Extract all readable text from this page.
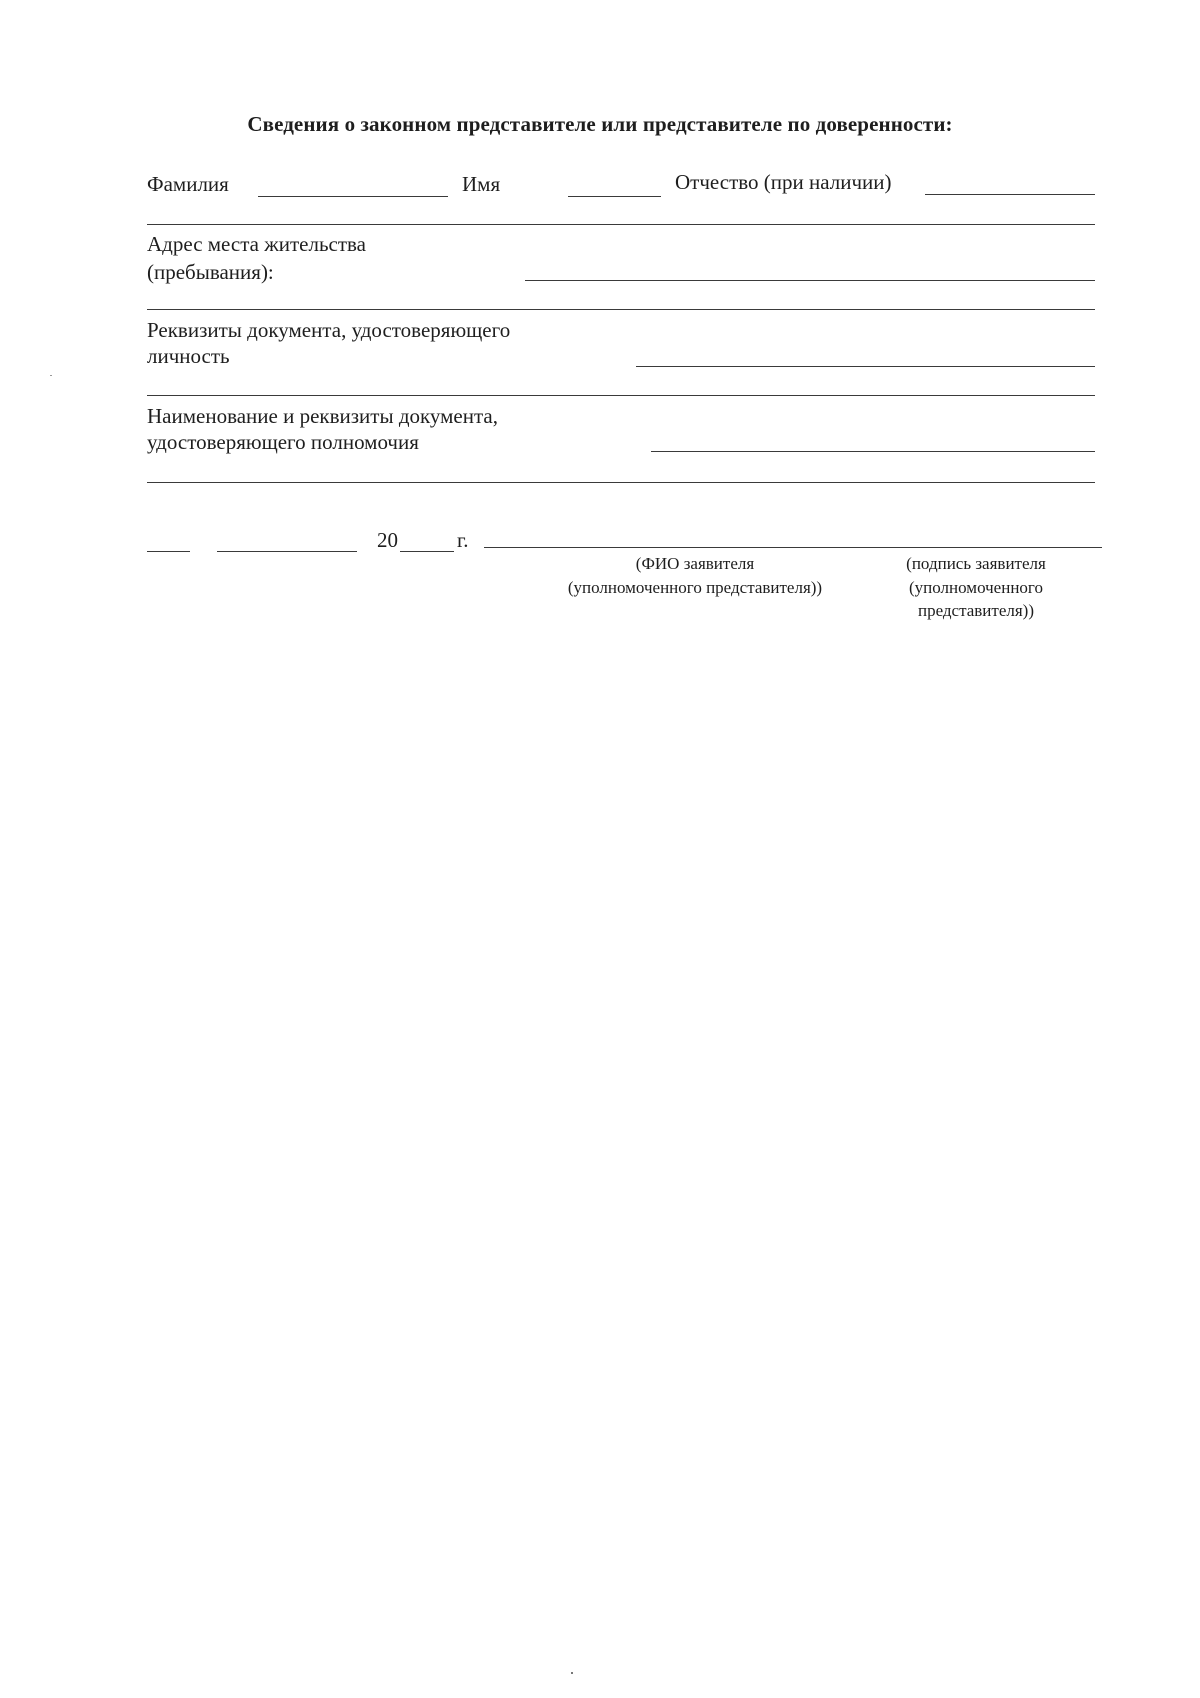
Сведения о законном представителе или представителе по доверенности:
Фамилия	Имя	Отчество (при наличии)
Адрес места жительства
(пребывания):
Реквизиты документа, удостоверяющего
личность
Наименование и реквизиты документа,
удостоверяющего полномочия
20	г.
(ФИО заявителя
(уполномоченного представителя))
(подпись заявителя
(уполномоченного
представителя))
